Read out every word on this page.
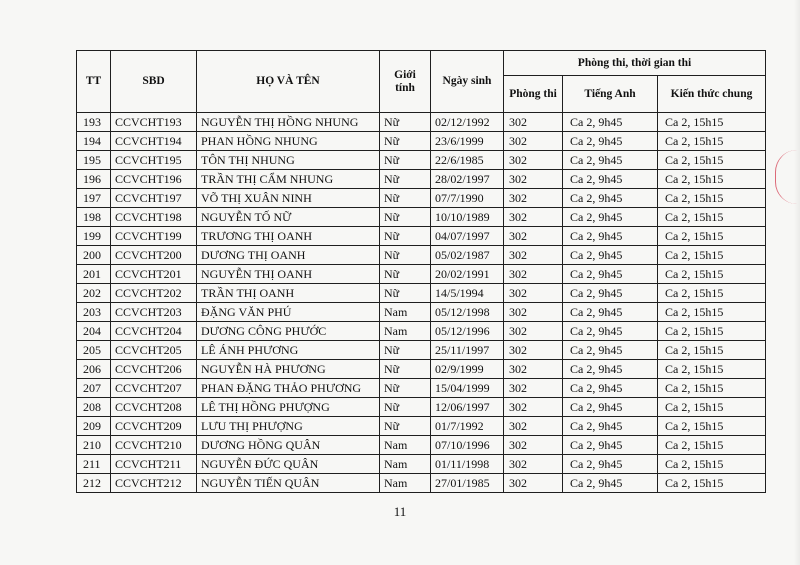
TT	SBD	HỌ VÀ TÊN	Giới tính	Ngày sinh	Phòng thi, thời gian thi		
					Phòng thi	Tiếng Anh	Kiến thức chung
193	CCVCHT193	NGUYỄN THỊ HỒNG NHUNG	Nữ	02/12/1992	302	Ca 2, 9h45	Ca 2, 15h15
194	CCVCHT194	PHAN HỒNG NHUNG	Nữ	23/6/1999	302	Ca 2, 9h45	Ca 2, 15h15
195	CCVCHT195	TÔN THỊ NHUNG	Nữ	22/6/1985	302	Ca 2, 9h45	Ca 2, 15h15
196	CCVCHT196	TRẦN THỊ CẨM NHUNG	Nữ	28/02/1997	302	Ca 2, 9h45	Ca 2, 15h15
197	CCVCHT197	VÕ THỊ XUÂN NINH	Nữ	07/7/1990	302	Ca 2, 9h45	Ca 2, 15h15
198	CCVCHT198	NGUYỄN TỐ NỮ	Nữ	10/10/1989	302	Ca 2, 9h45	Ca 2, 15h15
199	CCVCHT199	TRƯƠNG THỊ OANH	Nữ	04/07/1997	302	Ca 2, 9h45	Ca 2, 15h15
200	CCVCHT200	DƯƠNG THỊ OANH	Nữ	05/02/1987	302	Ca 2, 9h45	Ca 2, 15h15
201	CCVCHT201	NGUYỄN THỊ OANH	Nữ	20/02/1991	302	Ca 2, 9h45	Ca 2, 15h15
202	CCVCHT202	TRẦN THỊ OANH	Nữ	14/5/1994	302	Ca 2, 9h45	Ca 2, 15h15
203	CCVCHT203	ĐẶNG VĂN PHÚ	Nam	05/12/1998	302	Ca 2, 9h45	Ca 2, 15h15
204	CCVCHT204	DƯƠNG CÔNG PHƯỚC	Nam	05/12/1996	302	Ca 2, 9h45	Ca 2, 15h15
205	CCVCHT205	LÊ ÁNH PHƯƠNG	Nữ	25/11/1997	302	Ca 2, 9h45	Ca 2, 15h15
206	CCVCHT206	NGUYỄN HÀ PHƯƠNG	Nữ	02/9/1999	302	Ca 2, 9h45	Ca 2, 15h15
207	CCVCHT207	PHAN ĐẶNG THẢO PHƯƠNG	Nữ	15/04/1999	302	Ca 2, 9h45	Ca 2, 15h15
208	CCVCHT208	LÊ THỊ HỒNG PHƯỢNG	Nữ	12/06/1997	302	Ca 2, 9h45	Ca 2, 15h15
209	CCVCHT209	LƯU THỊ PHƯỢNG	Nữ	01/7/1992	302	Ca 2, 9h45	Ca 2, 15h15
210	CCVCHT210	DƯƠNG HỒNG QUÂN	Nam	07/10/1996	302	Ca 2, 9h45	Ca 2, 15h15
211	CCVCHT211	NGUYỄN ĐỨC QUÂN	Nam	01/11/1998	302	Ca 2, 9h45	Ca 2, 15h15
212	CCVCHT212	NGUYỄN TIẾN QUÂN	Nam	27/01/1985	302	Ca 2, 9h45	Ca 2, 15h15
11
